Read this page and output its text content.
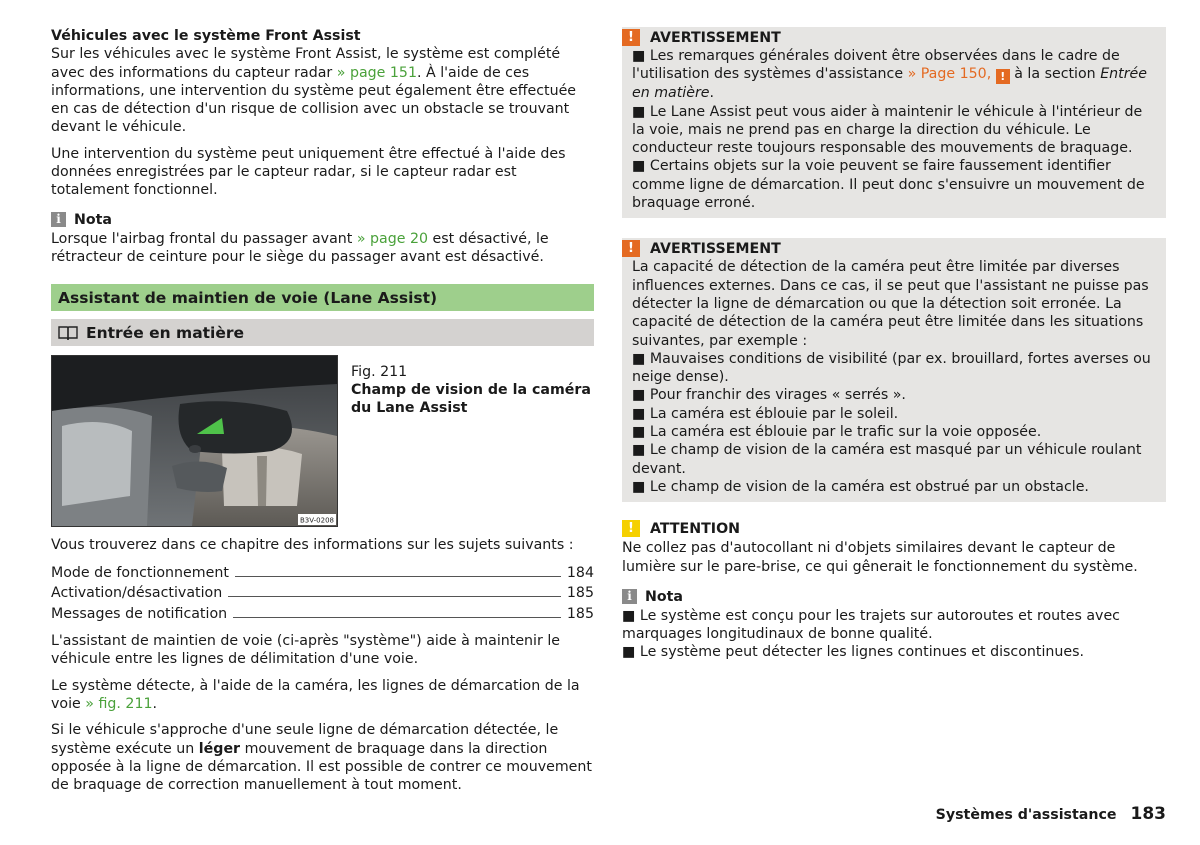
Véhicules avec le système Front Assist

Sur les véhicules avec le système Front Assist, le système est complété avec des informations du capteur radar » page 151. À l'aide de ces informations, une intervention du système peut également être effectuée en cas de détection d'un risque de collision avec un obstacle se trouvant devant le véhicule.

Une intervention du système peut uniquement être effectué à l'aide des données enregistrées par le capteur radar, si le capteur radar est totalement fonctionnel.

i Nota

Lorsque l'airbag frontal du passager avant » page 20 est désactivé, le rétracteur de ceinture pour le siège du passager avant est désactivé.

Assistant de maintien de voie (Lane Assist)
Entrée en matière
B3V-0208

Fig. 211

Champ de vision de la caméra du Lane Assist

Vous trouverez dans ce chapitre des informations sur les sujets suivants :

Mode de fonctionnement	184
Activation/désactivation	185
Messages de notification	185

L'assistant de maintien de voie (ci-après "système") aide à maintenir le véhicule entre les lignes de délimitation d'une voie.

Le système détecte, à l'aide de la caméra, les lignes de démarcation de la voie » fig. 211.

Si le véhicule s'approche d'une seule ligne de démarcation détectée, le système exécute un léger mouvement de braquage dans la direction opposée à la ligne de démarcation. Il est possible de contrer ce mouvement de braquage de correction manuellement à tout moment.

!	AVERTISSEMENT

■ Les remarques générales doivent être observées dans le cadre de l'utilisation des systèmes d'assistance » Page 150, ! à la section Entrée en matière.

■ Le Lane Assist peut vous aider à maintenir le véhicule à l'intérieur de la voie, mais ne prend pas en charge la direction du véhicule. Le conducteur reste toujours responsable des mouvements de braquage.

■ Certains objets sur la voie peuvent se faire faussement identifier comme ligne de démarcation. Il peut donc s'ensuivre un mouvement de braquage erroné.

!	AVERTISSEMENT

La capacité de détection de la caméra peut être limitée par diverses influences externes. Dans ce cas, il se peut que l'assistant ne puisse pas détecter la ligne de démarcation ou que la détection soit erronée. La capacité de détection de la caméra peut être limitée dans les situations suivantes, par exemple :

■ Mauvaises conditions de visibilité (par ex. brouillard, fortes averses ou neige dense).

■ Pour franchir des virages « serrés ».

■ La caméra est éblouie par le soleil.

■ La caméra est éblouie par le trafic sur la voie opposée.

■ Le champ de vision de la caméra est masqué par un véhicule roulant devant.

■ Le champ de vision de la caméra est obstrué par un obstacle.

!	ATTENTION

Ne collez pas d'autocollant ni d'objets similaires devant le capteur de lumière sur le pare-brise, ce qui gênerait le fonctionnement du système.

i Nota

■ Le système est conçu pour les trajets sur autoroutes et routes avec marquages longitudinaux de bonne qualité.

■ Le système peut détecter les lignes continues et discontinues.

Systèmes d'assistance 183
